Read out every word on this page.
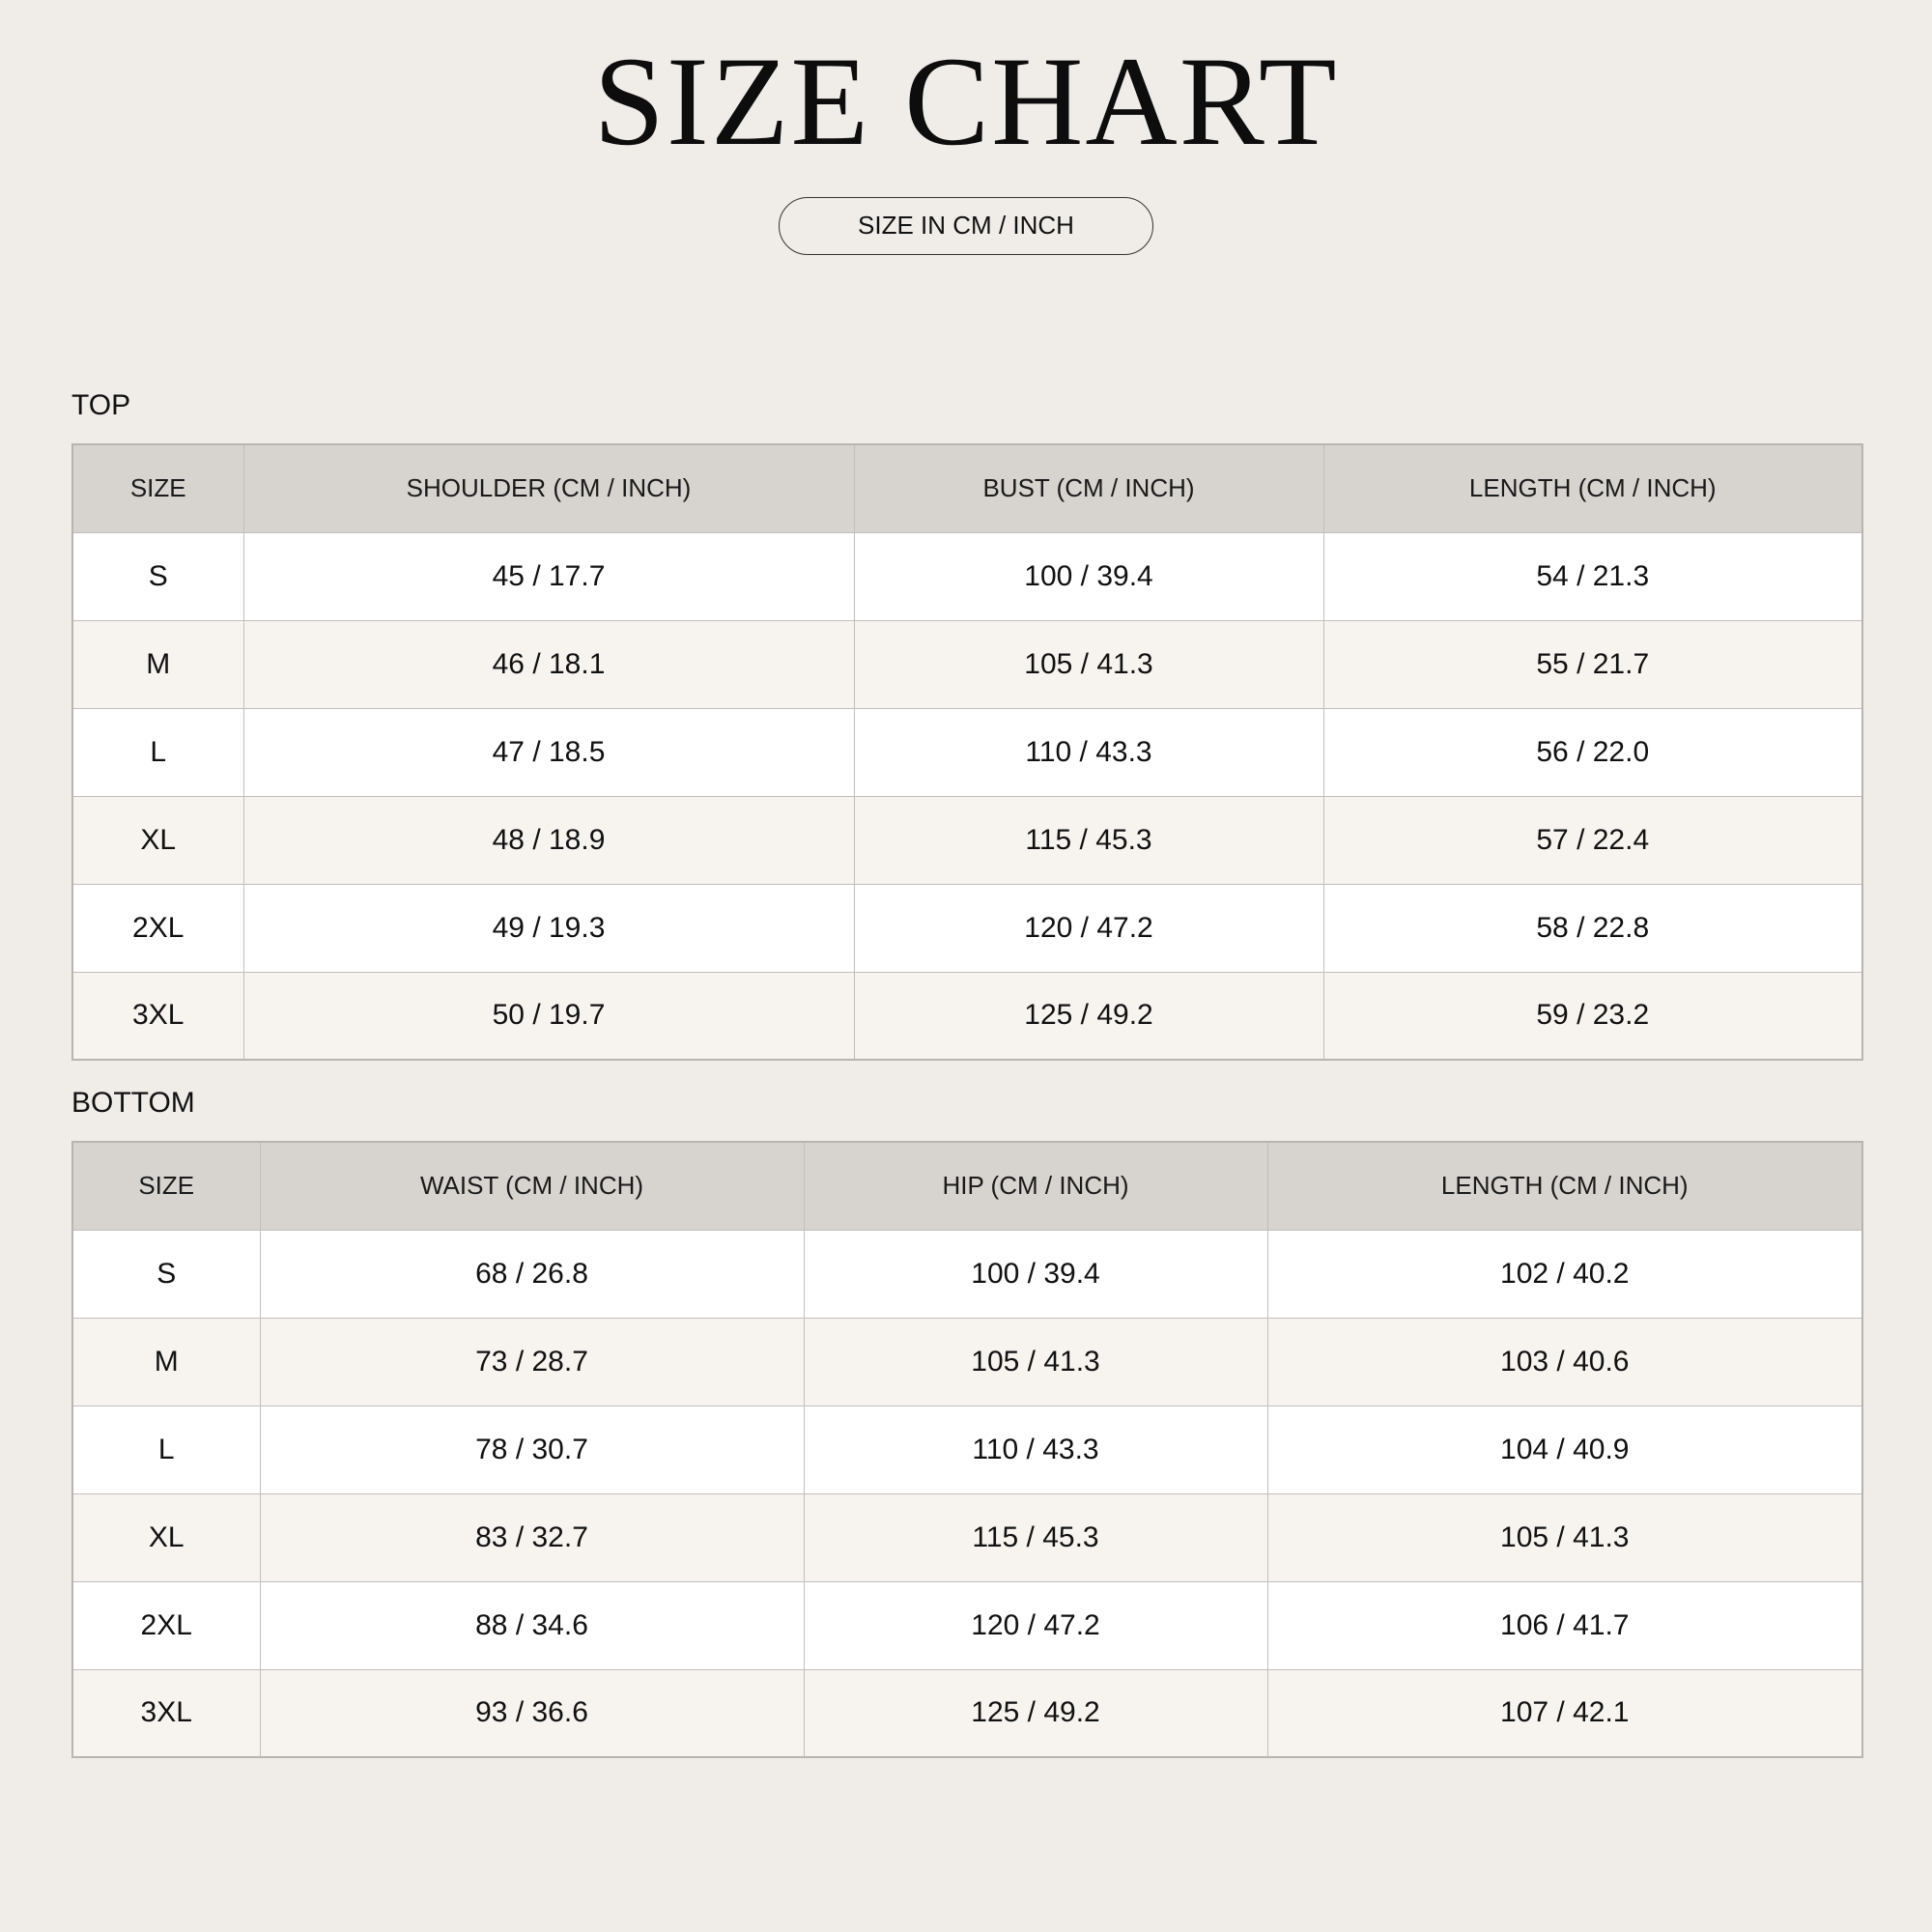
SIZE CHART
SIZE IN CM / INCH
TOP
SIZE	SHOULDER (CM / INCH)	BUST (CM / INCH)	LENGTH (CM / INCH)
S	45 / 17.7	100 / 39.4	54 / 21.3
M	46 / 18.1	105 / 41.3	55 / 21.7
L	47 / 18.5	110 / 43.3	56 / 22.0
XL	48 / 18.9	115 / 45.3	57 / 22.4
2XL	49 / 19.3	120 / 47.2	58 / 22.8
3XL	50 / 19.7	125 / 49.2	59 / 23.2
BOTTOM
SIZE	WAIST (CM / INCH)	HIP (CM / INCH)	LENGTH (CM / INCH)
S	68 / 26.8	100 / 39.4	102 / 40.2
M	73 / 28.7	105 / 41.3	103 / 40.6
L	78 / 30.7	110 / 43.3	104 / 40.9
XL	83 / 32.7	115 / 45.3	105 / 41.3
2XL	88 / 34.6	120 / 47.2	106 / 41.7
3XL	93 / 36.6	125 / 49.2	107 / 42.1
